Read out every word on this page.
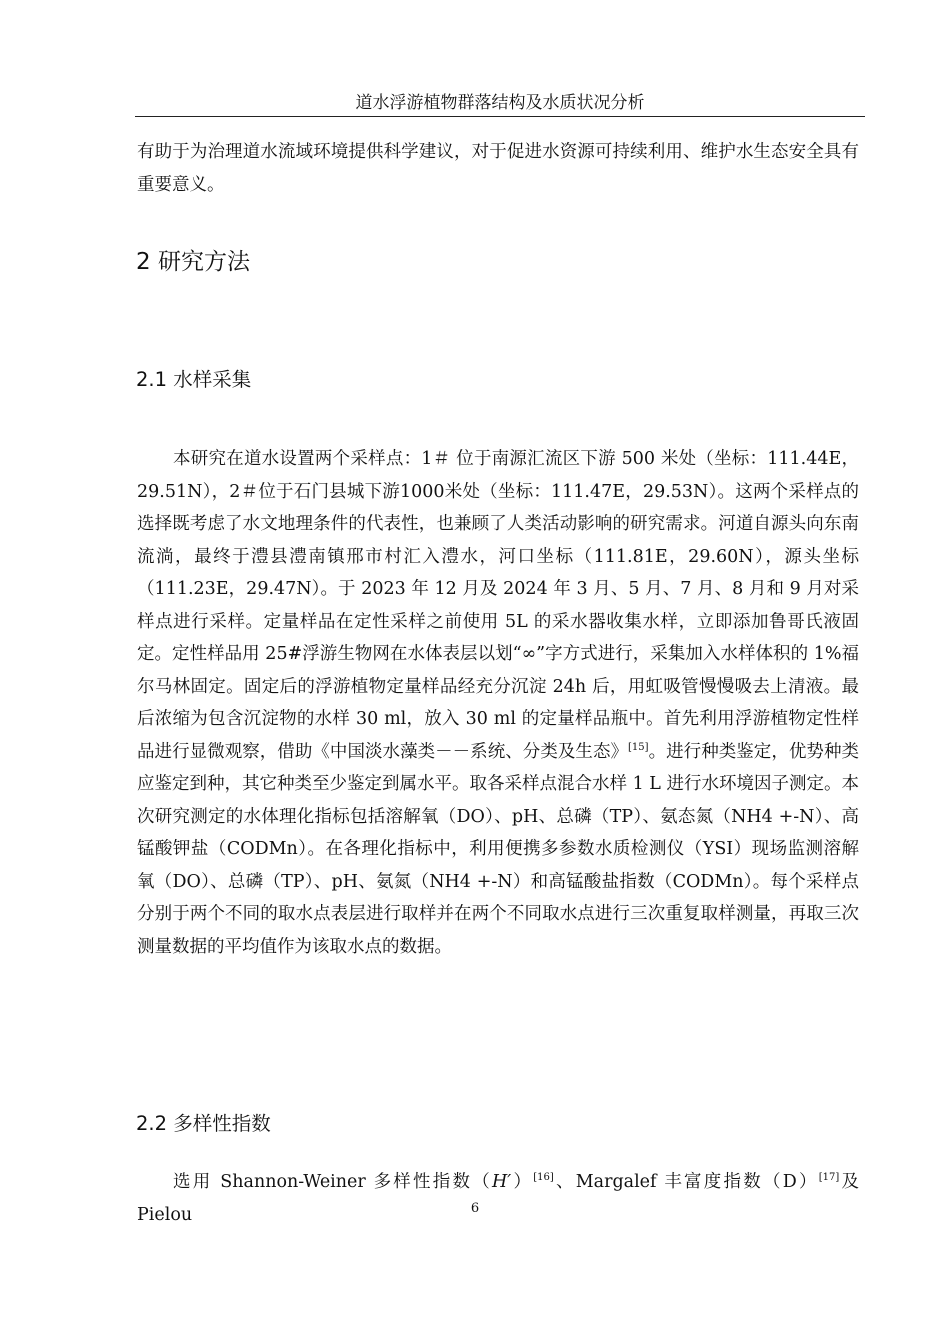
道水浮游植物群落结构及水质状况分析

有助于为治理道水流域环境提供科学建议，对于促进水资源可持续利用、维护水生态安全具有重要意义。

2 研究方法
2.1 水样采集

本研究在道水设置两个采样点：1＃ 位于南源汇流区下游 500 米处（坐标：111.44E，29.51N），2＃位于石门县城下游1000米处（坐标：111.47E，29.53N）。这两个采样点的选择既考虑了水文地理条件的代表性，也兼顾了人类活动影响的研究需求。河道自源头向东南流淌，最终于澧县澧南镇邢市村汇入澧水，河口坐标（111.81E，29.60N），源头坐标（111.23E，29.47N）。于 2023 年 12 月及 2024 年 3 月、5 月、7 月、8 月和 9 月对采样点进行采样。定量样品在定性采样之前使用 5L 的采水器收集水样，立即添加鲁哥氏液固定。定性样品用 25#浮游生物网在水体表层以划“∞”字方式进行，采集加入水样体积的 1%福尔马林固定。固定后的浮游植物定量样品经充分沉淀 24h 后，用虹吸管慢慢吸去上清液。最后浓缩为包含沉淀物的水样 30 ml，放入 30 ml 的定量样品瓶中。首先利用浮游植物定性样品进行显微观察，借助《中国淡水藻类－－系统、分类及生态》[15]。进行种类鉴定，优势种类应鉴定到种，其它种类至少鉴定到属水平。取各采样点混合水样 1 L 进行水环境因子测定。本次研究测定的水体理化指标包括溶解氧（DO）、pH、总磷（TP）、氨态氮（NH4 +-N）、高锰酸钾盐（CODMn）。在各理化指标中，利用便携多参数水质检测仪（YSI）现场监测溶解氧（DO）、总磷（TP）、pH、氨氮（NH4 +-N）和高锰酸盐指数（CODMn）。每个采样点分别于两个不同的取水点表层进行取样并在两个不同取水点进行三次重复取样测量，再取三次测量数据的平均值作为该取水点的数据。

2.2 多样性指数

选用 Shannon-Weiner 多样性指数（H′）[16]、Margalef 丰富度指数（D）[17]及 Pielou	6
